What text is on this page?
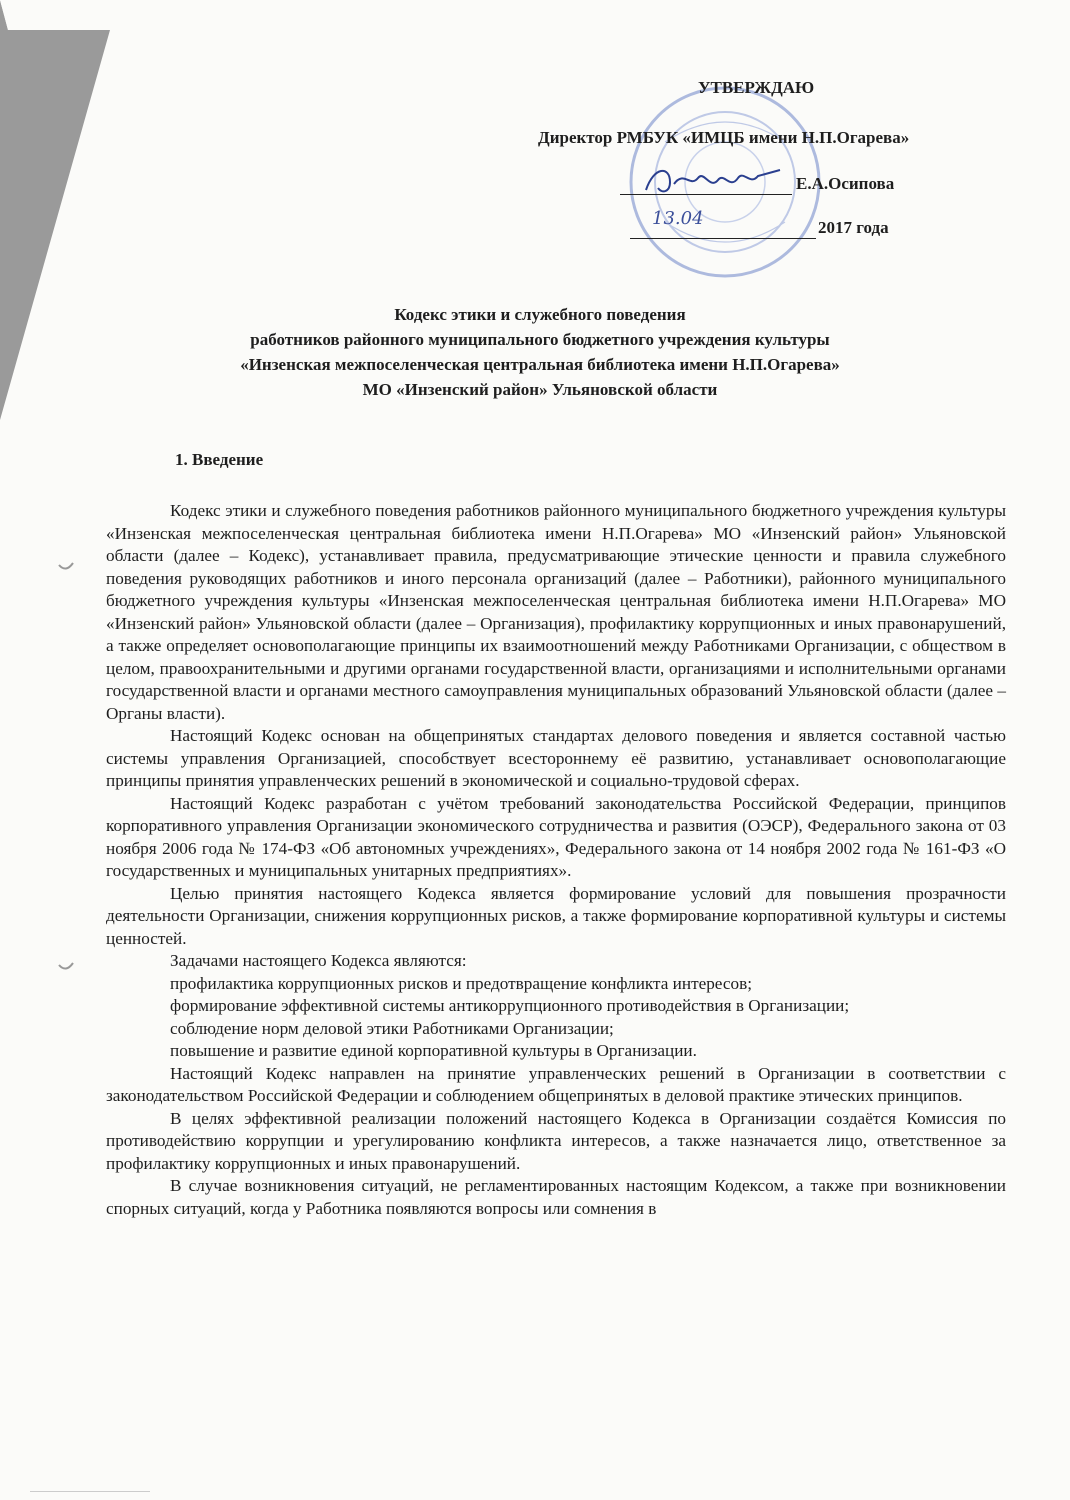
УТВЕРЖДАЮ
Директор РМБУК «ИМЦБ имени Н.П.Огарева»
Е.А.Осипова
13.04	2017 года
Кодекс этики и служебного поведения
работников районного муниципального бюджетного учреждения культуры
«Инзенская межпоселенческая центральная библиотека имени Н.П.Огарева»
МО «Инзенский район» Ульяновской области
1. Введение

Кодекс этики и служебного поведения работников районного муниципального бюджетного учреждения культуры «Инзенская межпоселенческая центральная библиотека имени Н.П.Огарева» МО «Инзенский район» Ульяновской области (далее – Кодекс), устанавливает правила, предусматривающие этические ценности и правила служебного поведения руководящих работников и иного персонала организаций (далее – Работники), районного муниципального бюджетного учреждения культуры «Инзенская межпоселенческая центральная библиотека имени Н.П.Огарева» МО «Инзенский район» Ульяновской области (далее – Организация), профилактику коррупционных и иных правонарушений, а также определяет основополагающие принципы их взаимоотношений между Работниками Организации, с обществом в целом, правоохранительными и другими органами государственной власти, организациями и исполнительными органами государственной власти и органами местного самоуправления муниципальных образований Ульяновской области (далее – Органы власти).

Настоящий Кодекс основан на общепринятых стандартах делового поведения и является составной частью системы управления Организацией, способствует всестороннему её развитию, устанавливает основополагающие принципы принятия управленческих решений в экономической и социально-трудовой сферах.

Настоящий Кодекс разработан с учётом требований законодательства Российской Федерации, принципов корпоративного управления Организации экономического сотрудничества и развития (ОЭСР), Федерального закона от 03 ноября 2006 года № 174-ФЗ «Об автономных учреждениях», Федерального закона от 14 ноября 2002 года № 161-ФЗ «О государственных и муниципальных унитарных предприятиях».

Целью принятия настоящего Кодекса является формирование условий для повышения прозрачности деятельности Организации, снижения коррупционных рисков, а также формирование корпоративной культуры и системы ценностей.

Задачами настоящего Кодекса являются:

профилактика коррупционных рисков и предотвращение конфликта интересов;

формирование эффективной системы антикоррупционного противодействия в Организации;

соблюдение норм деловой этики Работниками Организации;

повышение и развитие единой корпоративной культуры в Организации.

Настоящий Кодекс направлен на принятие управленческих решений в Организации в соответствии с законодательством Российской Федерации и соблюдением общепринятых в деловой практике этических принципов.

В целях эффективной реализации положений настоящего Кодекса в Организации создаётся Комиссия по противодействию коррупции и урегулированию конфликта интересов, а также назначается лицо, ответственное за профилактику коррупционных и иных правонарушений.

В случае возникновения ситуаций, не регламентированных настоящим Кодексом, а также при возникновении спорных ситуаций, когда у Работника появляются вопросы или сомнения в
